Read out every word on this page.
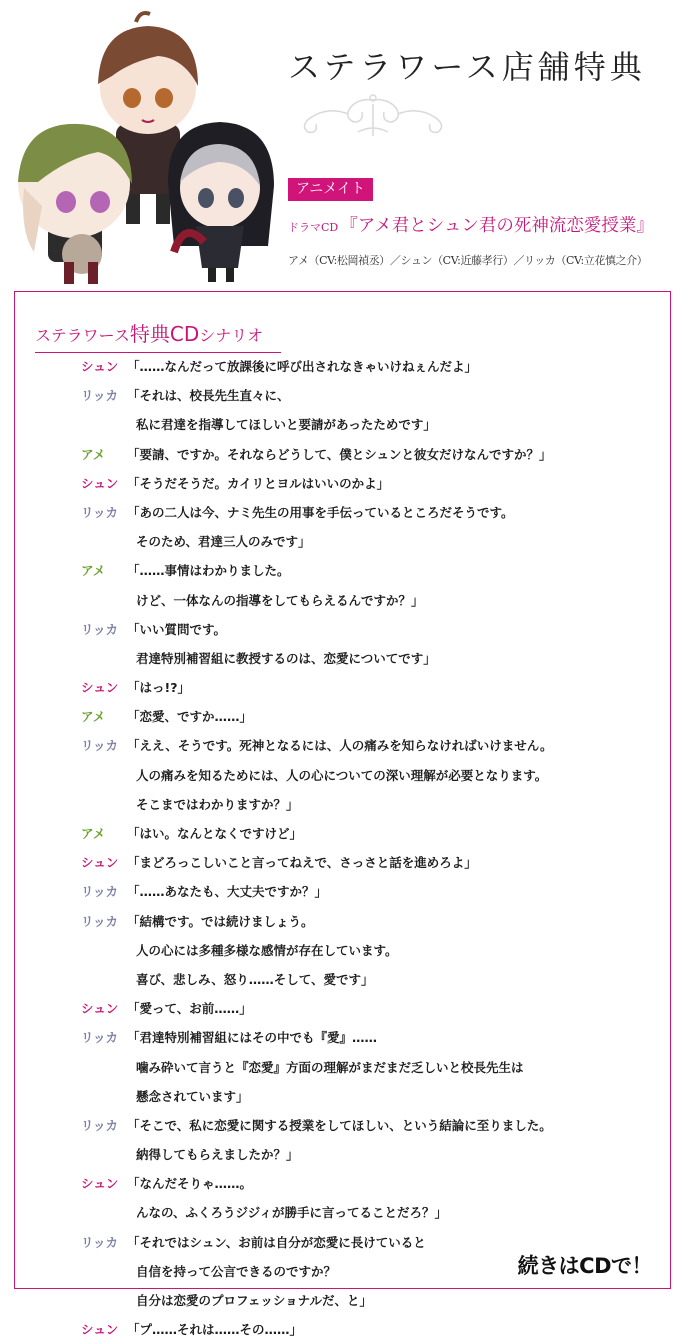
ステラワース店舗特典
アニメイト
ドラマCD 『アメ君とシュン君の死神流恋愛授業』
アメ（CV:松岡禎丞）／シュン（CV:近藤孝行）／リッカ（CV:立花慎之介）
ステラワース特典CDシナリオ
シュン 「……なんだって放課後に呼び出されなきゃいけねぇんだよ」
リッカ 「それは、校長先生直々に、
私に君達を指導してほしいと要請があったためです」
アメ	「要請、ですか。それならどうして、僕とシュンと彼女だけなんですか？」
シュン 「そうだそうだ。カイリとヨルはいいのかよ」
リッカ 「あの二人は今、ナミ先生の用事を手伝っているところだそうです。
そのため、君達三人のみです」
アメ	「……事情はわかりました。
けど、一体なんの指導をしてもらえるんですか？」
リッカ 「いい質問です。
君達特別補習組に教授するのは、恋愛についてです」
シュン 「はっ!?」
アメ	「恋愛、ですか……」
リッカ 「ええ、そうです。死神となるには、人の痛みを知らなければいけません。
人の痛みを知るためには、人の心についての深い理解が必要となります。
そこまではわかりますか？」
アメ	「はい。なんとなくですけど」
シュン 「まどろっこしいこと言ってねえで、さっさと話を進めろよ」
リッカ 「……あなたも、大丈夫ですか？」
リッカ 「結構です。では続けましょう。
人の心には多種多様な感情が存在しています。
喜び、悲しみ、怒り……そして、愛です」
シュン 「愛って、お前……」
リッカ 「君達特別補習組にはその中でも『愛』……
噛み砕いて言うと『恋愛』方面の理解がまだまだ乏しいと校長先生は
懸念されています」
リッカ 「そこで、私に恋愛に関する授業をしてほしい、という結論に至りました。
納得してもらえましたか？」
シュン 「なんだそりゃ……。
んなの、ふくろうジジィが勝手に言ってることだろ？」
リッカ 「それではシュン、お前は自分が恋愛に長けていると
自信を持って公言できるのですか？
自分は恋愛のプロフェッショナルだ、と」
シュン 「プ……それは……その……」
続きはCDで！
